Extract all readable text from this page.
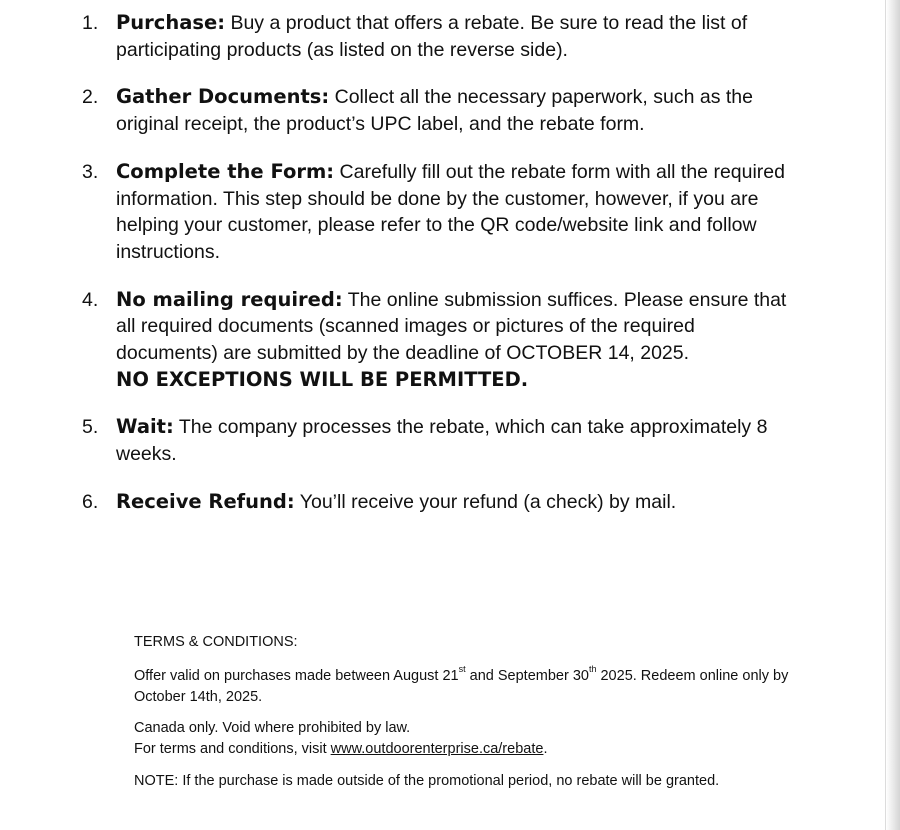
1. Purchase: Buy a product that offers a rebate. Be sure to read the list of participating products (as listed on the reverse side).
2. Gather Documents: Collect all the necessary paperwork, such as the original receipt, the product’s UPC label, and the rebate form.
3. Complete the Form: Carefully fill out the rebate form with all the required information. This step should be done by the customer, however, if you are helping your customer, please refer to the QR code/website link and follow instructions.
4. No mailing required: The online submission suffices. Please ensure that all required documents (scanned images or pictures of the required documents) are submitted by the deadline of OCTOBER 14, 2025.
NO EXCEPTIONS WILL BE PERMITTED.
5. Wait: The company processes the rebate, which can take approximately 8 weeks.
6. Receive Refund: You’ll receive your refund (a check) by mail.

TERMS & CONDITIONS:

Offer valid on purchases made between August 21st and September 30th 2025. Redeem online only by October 14th, 2025.

Canada only. Void where prohibited by law.

For terms and conditions, visit www.outdoorenterprise.ca/rebate.

NOTE: If the purchase is made outside of the promotional period, no rebate will be granted.
